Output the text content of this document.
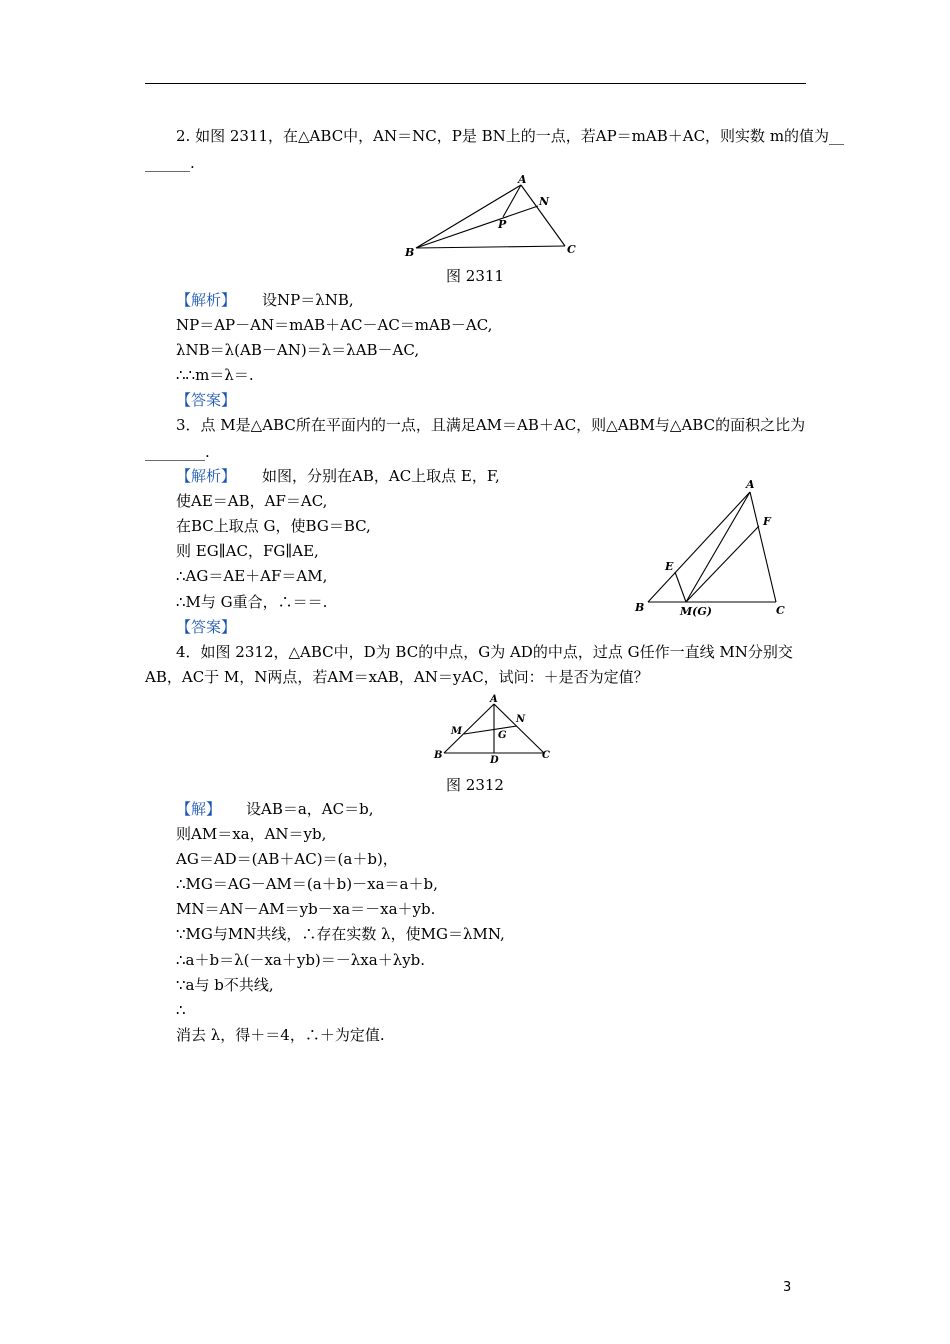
2. 如图 2311，在△ABC中，AN＝NC，P是 BN上的一点，若AP＝mAB＋AC，则实数 m的值为__
______.
A
N
P
B	C
图 2311
【解析】 设NP＝λNB,
NP＝AP－AN＝mAB＋AC－AC＝mAB－AC,
λNB＝λ(AB－AN)＝λ＝λAB－AC,
∴∴m＝λ＝.
【答案】
3．点 M是△ABC所在平面内的一点，且满足AM＝AB＋AC，则△ABM与△ABC的面积之比为
________.
【解析】 如图，分别在AB，AC上取点 E，F,
使AE＝AB，AF＝AC,
在BC上取点 G，使BG＝BC,
则 EG∥AC，FG∥AE,
∴AG＝AE＋AF＝AM,
∴M与 G重合，∴＝＝.
【答案】
A
F
E
B	M(G)	C
4．如图 2312，△ABC中，D为 BC的中点，G为 AD的中点，过点 G任作一直线 MN分别交
AB，AC于 M，N两点，若AM＝xAB，AN＝yAC，试问：＋是否为定值？
A
M
N
G
B	D	C
图 2312
【解】 设AB＝a，AC＝b,
则AM＝xa，AN＝yb,
AG＝AD＝(AB＋AC)＝(a＋b)，
∴MG＝AG－AM＝(a＋b)－xa＝a＋b,
MN＝AN－AM＝yb－xa＝－xa＋yb.
∵MG与MN共线，∴存在实数 λ，使MG＝λMN,
∴a＋b＝λ(－xa＋yb)＝－λxa＋λyb.
∵a与 b不共线,
∴
消去 λ，得＋＝4，∴＋为定值.
3
